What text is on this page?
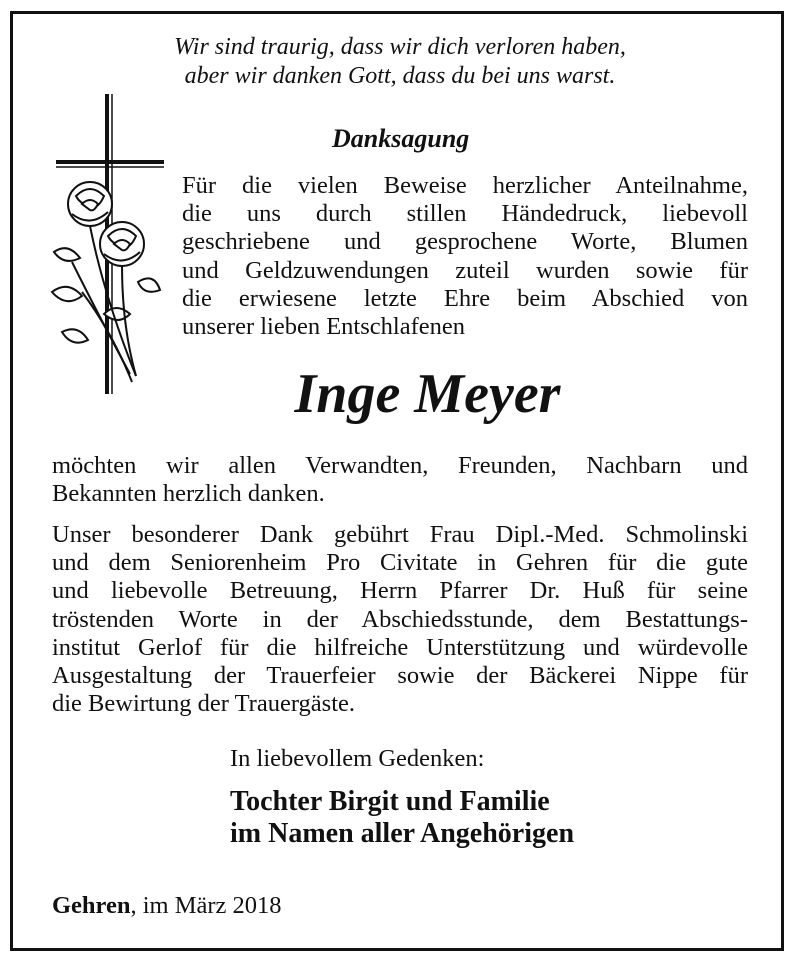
Wir sind traurig, dass wir dich verloren haben,
aber wir danken Gott, dass du bei uns warst.
Danksagung
Für die vielen Beweise herzlicher Anteilnahme,
die uns durch stillen Händedruck, liebevoll
geschriebene und gesprochene Worte, Blumen
und Geldzuwendungen zuteil wurden sowie für
die erwiesene letzte Ehre beim Abschied von
unserer lieben Entschlafenen
Inge Meyer
möchten wir allen Verwandten, Freunden, Nachbarn und
Bekannten herzlich danken.
Unser besonderer Dank gebührt Frau Dipl.-Med. Schmolinski
und dem Seniorenheim Pro Civitate in Gehren für die gute
und liebevolle Betreuung, Herrn Pfarrer Dr. Huß für seine
tröstenden Worte in der Abschiedsstunde, dem Bestattungs-
institut Gerlof für die hilfreiche Unterstützung und würdevolle
Ausgestaltung der Trauerfeier sowie der Bäckerei Nippe für
die Bewirtung der Trauergäste.
In liebevollem Gedenken:
Tochter Birgit und Familie
im Namen aller Angehörigen
Gehren, im März 2018
